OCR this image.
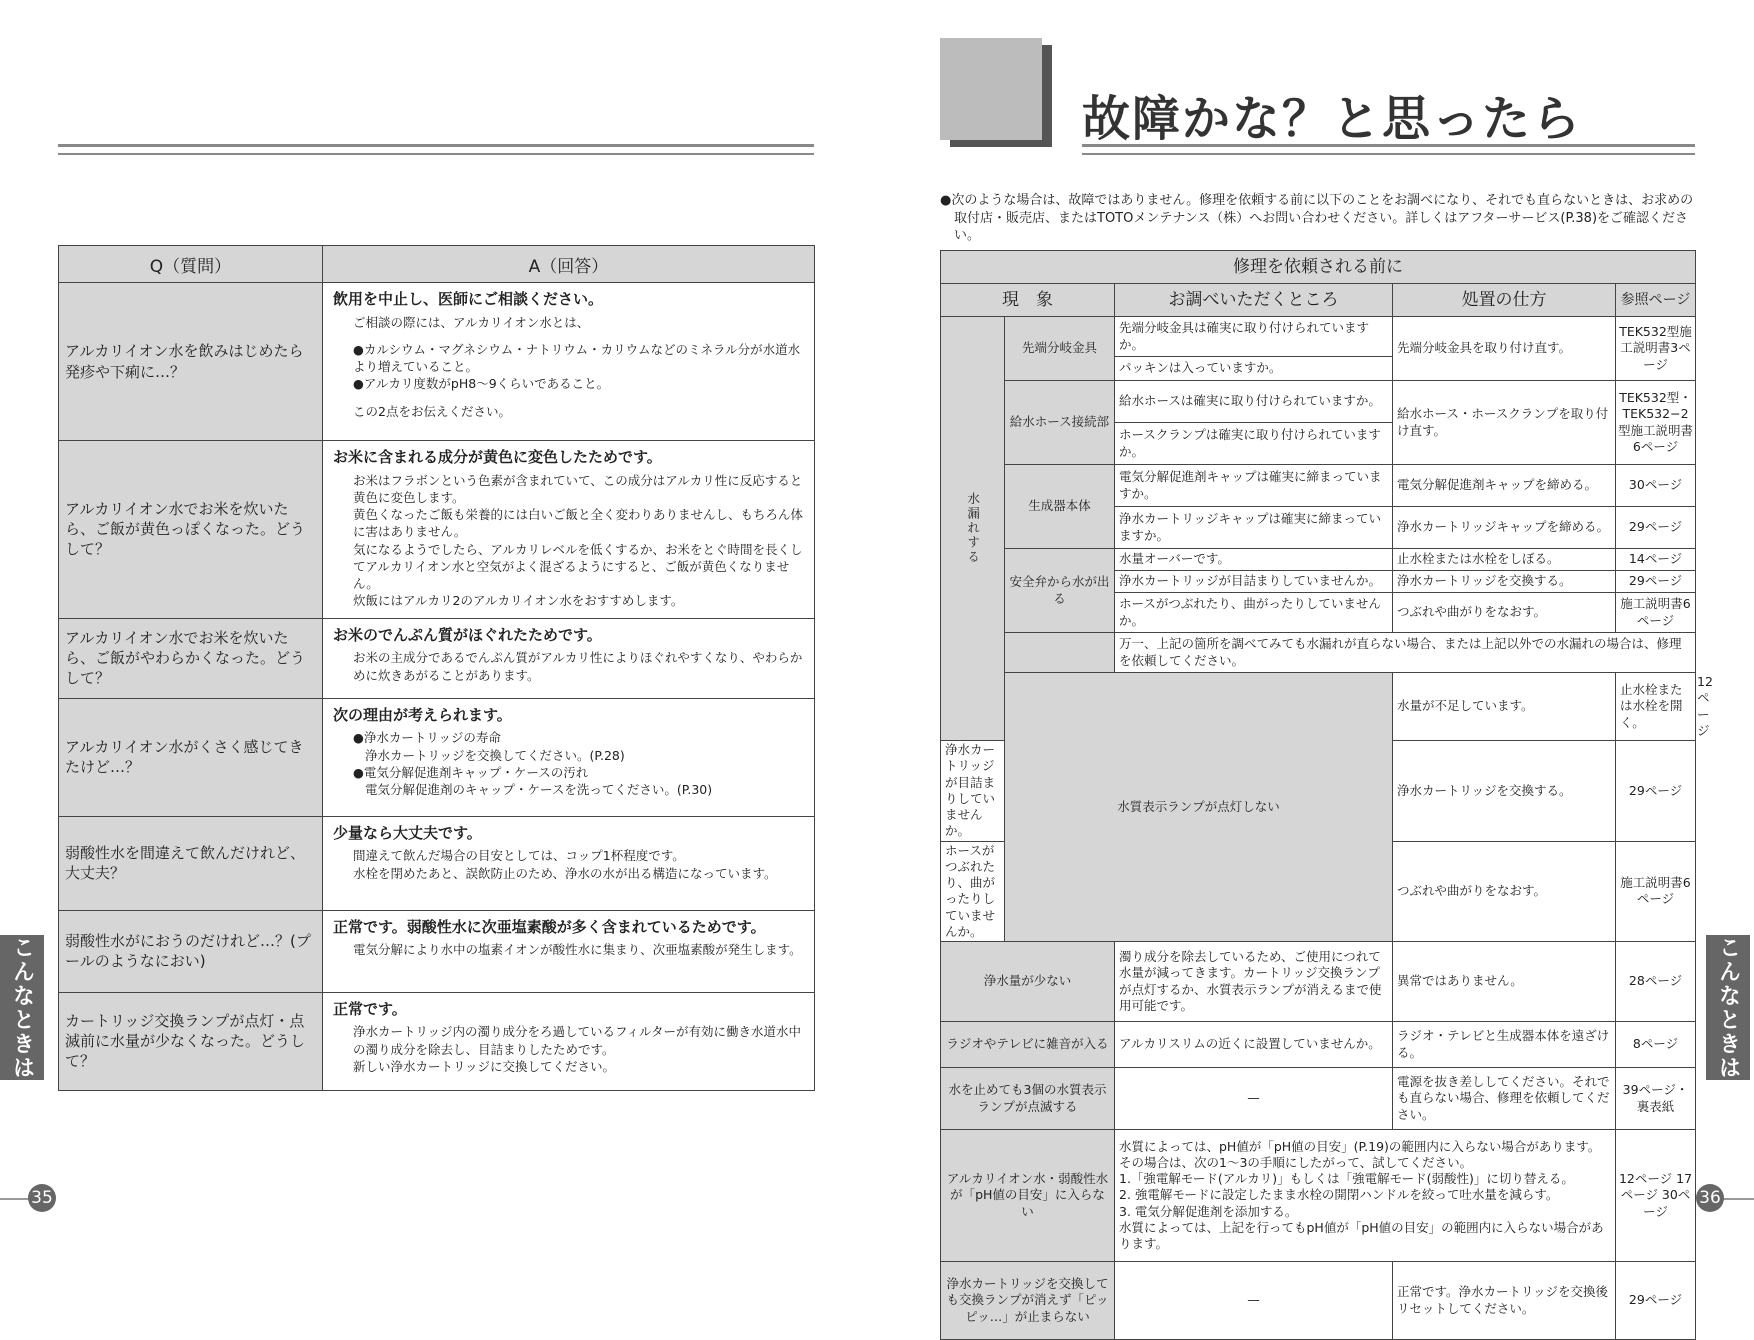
Q（質問）	A（回答）
アルカリイオン水を飲みはじめたら発疹や下痢に…？	飲用を中止し、医師にご相談ください。
ご相談の際には、アルカリイオン水とは、
●カルシウム・マグネシウム・ナトリウム・カリウムなどのミネラル分が水道水より増えていること。
●アルカリ度数がpH8〜9くらいであること。
この2点をお伝えください。

アルカリイオン水でお米を炊いたら、ご飯が黄色っぽくなった。どうして？	お米に含まれる成分が黄色に変色したためです。
お米はフラボンという色素が含まれていて、この成分はアルカリ性に反応すると黄色に変色します。
黄色くなったご飯も栄養的には白いご飯と全く変わりありませんし、もちろん体に害はありません。
気になるようでしたら、アルカリレベルを低くするか、お米をとぐ時間を長くしてアルカリイオン水と空気がよく混ざるようにすると、ご飯が黄色くなりません。
炊飯にはアルカリ2のアルカリイオン水をおすすめします。

アルカリイオン水でお米を炊いたら、ご飯がやわらかくなった。どうして？	お米のでんぷん質がほぐれたためです。
お米の主成分であるでんぷん質がアルカリ性によりほぐれやすくなり、やわらかめに炊きあがることがあります。

アルカリイオン水がくさく感じてきたけど…？	次の理由が考えられます。
●浄水カートリッジの寿命
浄水カートリッジを交換してください。(P.28)
●電気分解促進剤キャップ・ケースの汚れ
電気分解促進剤のキャップ・ケースを洗ってください。(P.30)

弱酸性水を間違えて飲んだけれど、大丈夫？	少量なら大丈夫です。
間違えて飲んだ場合の目安としては、コップ1杯程度です。
水栓を閉めたあと、誤飲防止のため、浄水の水が出る構造になっています。

弱酸性水がにおうのだけれど…？(プールのようなにおい)	正常です。弱酸性水に次亜塩素酸が多く含まれているためです。
電気分解により水中の塩素イオンが酸性水に集まり、次亜塩素酸が発生します。

カートリッジ交換ランプが点灯・点滅前に水量が少なくなった。どうして？	正常です。
浄水カートリッジ内の濁り成分をろ過しているフィルターが有効に働き水道水中の濁り成分を除去し、目詰まりしたためです。
新しい浄水カートリッジに交換してください。
こんなときは
35
故障かな？と思ったら
●次のような場合は、故障ではありません。修理を依頼する前に以下のことをお調べになり、それでも直らないときは、お求めの取付店・販売店、またはTOTOメンテナンス（株）へお問い合わせください。詳しくはアフターサービス(P.38)をご確認ください。
修理を依頼される前に					
現　象		お調べいただくところ	処置の仕方	参照ページ	
水漏れする	先端分岐金具	先端分岐金具は確実に取り付けられていますか。	先端分岐金具を取り付け直す。	TEK532型施工説明書3ページ	
		パッキンは入っていますか。			
	給水ホース接続部	給水ホースは確実に取り付けられていますか。	給水ホース・ホースクランプを取り付け直す。	TEK532型・TEK532−2型施工説明書6ページ	
		ホースクランプは確実に取り付けられていますか。			
	生成器本体	電気分解促進剤キャップは確実に締まっていますか。	電気分解促進剤キャップを締める。	30ページ	
		浄水カートリッジキャップは確実に締まっていますか。	浄水カートリッジキャップを締める。	29ページ	
	安全弁から水が出る	水量オーバーです。	止水栓または水栓をしぼる。	14ページ	
		浄水カートリッジが目詰まりしていませんか。	浄水カートリッジを交換する。	29ページ	
		ホースがつぶれたり、曲がったりしていませんか。	つぶれや曲がりをなおす。	施工説明書6ページ	
		万一、上記の箇所を調べてみても水漏れが直らない場合、または上記以外での水漏れの場合は、修理を依頼してください。			
	水質表示ランプが点灯しない		水量が不足しています。	止水栓または水栓を開く。	12ページ
浄水カートリッジが目詰まりしていませんか。			浄水カートリッジを交換する。	29ページ	
ホースがつぶれたり、曲がったりしていませんか。			つぶれや曲がりをなおす。	施工説明書6ページ	
浄水量が少ない		濁り成分を除去しているため、ご使用につれて水量が減ってきます。カートリッジ交換ランプが点灯するか、水質表示ランプが消えるまで使用可能です。	異常ではありません。	28ページ	
ラジオやテレビに雑音が入る		アルカリスリムの近くに設置していませんか。	ラジオ・テレビと生成器本体を遠ざける。	8ページ	
水を止めても3個の水質表示ランプが点滅する		—	電源を抜き差ししてください。それでも直らない場合、修理を依頼してください。	39ページ・裏表紙	
アルカリイオン水・弱酸性水が「pH値の目安」に入らない		水質によっては、pH値が「pH値の目安」(P.19)の範囲内に入らない場合があります。その場合は、次の1〜3の手順にしたがって、試してください。
1.「強電解モード(アルカリ)」もしくは「強電解モード(弱酸性)」に切り替える。
2. 強電解モードに設定したまま水栓の開閉ハンドルを絞って吐水量を減らす。
3. 電気分解促進剤を添加する。
水質によっては、上記を行ってもpH値が「pH値の目安」の範囲内に入らない場合があります。		12ページ 17ページ 30ページ	
浄水カートリッジを交換しても交換ランプが消えず「ピッピッ…」が止まらない		—	正常です。浄水カートリッジを交換後リセットしてください。	29ページ	
こんなときは
36
